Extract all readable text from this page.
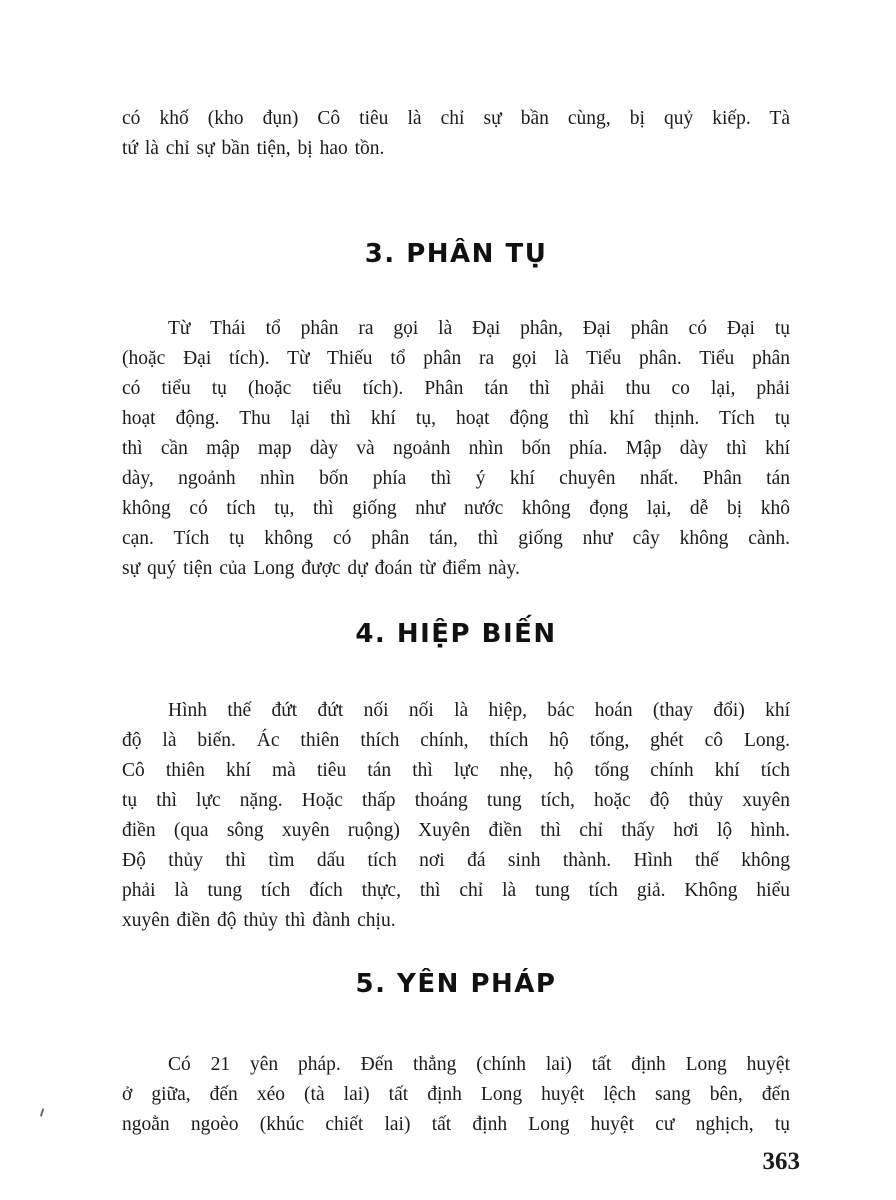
có khố (kho đụn) Cô tiêu là chỉ sự bần cùng, bị quỷ kiếp. Tà
tứ là chỉ sự bần tiện, bị hao tồn.

3. PHÂN TỤ

Từ Thái tổ phân ra gọi là Đại phân, Đại phân có Đại tụ
(hoặc Đại tích). Từ Thiếu tổ phân ra gọi là Tiểu phân. Tiểu phân
có tiểu tụ (hoặc tiểu tích). Phân tán thì phải thu co lại, phải
hoạt động. Thu lại thì khí tụ, hoạt động thì khí thịnh. Tích tụ
thì cần mập mạp dày và ngoảnh nhìn bốn phía. Mập dày thì khí
dày, ngoảnh nhìn bốn phía thì ý khí chuyên nhất. Phân tán
không có tích tụ, thì giống như nước không đọng lại, dễ bị khô
cạn. Tích tụ không có phân tán, thì giống như cây không cành.
sự quý tiện của Long được dự đoán từ điểm này.

4. HIỆP BIẾN

Hình thế đứt đứt nối nối là hiệp, bác hoán (thay đổi) khí
độ là biến. Ác thiên thích chính, thích hộ tống, ghét cô Long.
Cô thiên khí mà tiêu tán thì lực nhẹ, hộ tống chính khí tích
tụ thì lực nặng. Hoặc thấp thoáng tung tích, hoặc độ thủy xuyên
điền (qua sông xuyên ruộng) Xuyên điền thì chỉ thấy hơi lộ hình.
Độ thủy thì tìm dấu tích nơi đá sinh thành. Hình thế không
phải là tung tích đích thực, thì chỉ là tung tích giả. Không hiểu
xuyên điền độ thủy thì đành chịu.

5. YÊN PHÁP

Có 21 yên pháp. Đến thẳng (chính lai) tất định Long huyệt
ở giữa, đến xéo (tà lai) tất định Long huyệt lệch sang bên, đến
ngoằn ngoèo (khúc chiết lai) tất định Long huyệt cư nghịch, tụ

363
